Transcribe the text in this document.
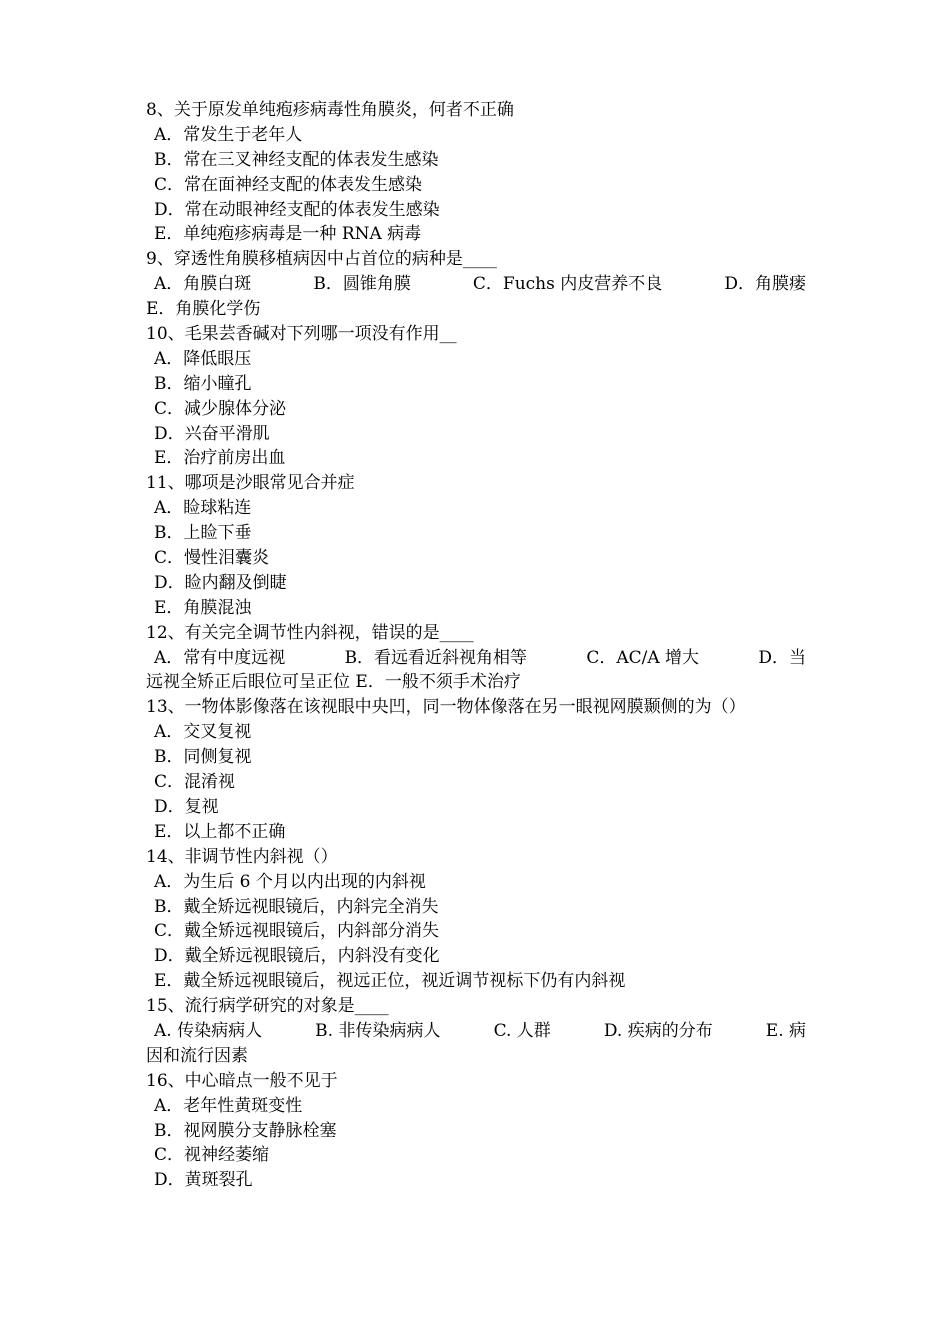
8、关于原发单纯疱疹病毒性角膜炎，何者不正确
A．常发生于老年人
B．常在三叉神经支配的体表发生感染
C．常在面神经支配的体表发生感染
D．常在动眼神经支配的体表发生感染
E．单纯疱疹病毒是一种 RNA 病毒
9、穿透性角膜移植病因中占首位的病种是____
A．角膜白斑	B．圆锥角膜	C．Fuchs 内皮营养不良	D．角膜瘘
E．角膜化学伤
10、毛果芸香碱对下列哪一项没有作用__
A．降低眼压
B．缩小瞳孔
C．减少腺体分泌
D．兴奋平滑肌
E．治疗前房出血
11、哪项是沙眼常见合并症
A．睑球粘连
B．上睑下垂
C．慢性泪囊炎
D．睑内翻及倒睫
E．角膜混浊
12、有关完全调节性内斜视，错误的是____
A．常有中度远视	B．看远看近斜视角相等	C．AC/A 增大	D．当
远视全矫正后眼位可呈正位 E．一般不须手术治疗
13、一物体影像落在该视眼中央凹，同一物体像落在另一眼视网膜颞侧的为（）
A．交叉复视
B．同侧复视
C．混淆视
D．复视
E．以上都不正确
14、非调节性内斜视（）
A．为生后 6 个月以内出现的内斜视
B．戴全矫远视眼镜后，内斜完全消失
C．戴全矫远视眼镜后，内斜部分消失
D．戴全矫远视眼镜后，内斜没有变化
E．戴全矫远视眼镜后，视远正位，视近调节视标下仍有内斜视
15、流行病学研究的对象是____
A. 传染病病人	B. 非传染病病人	C. 人群	D. 疾病的分布	E. 病
因和流行因素
16、中心暗点一般不见于
A．老年性黄斑变性
B．视网膜分支静脉栓塞
C．视神经萎缩
D．黄斑裂孔
